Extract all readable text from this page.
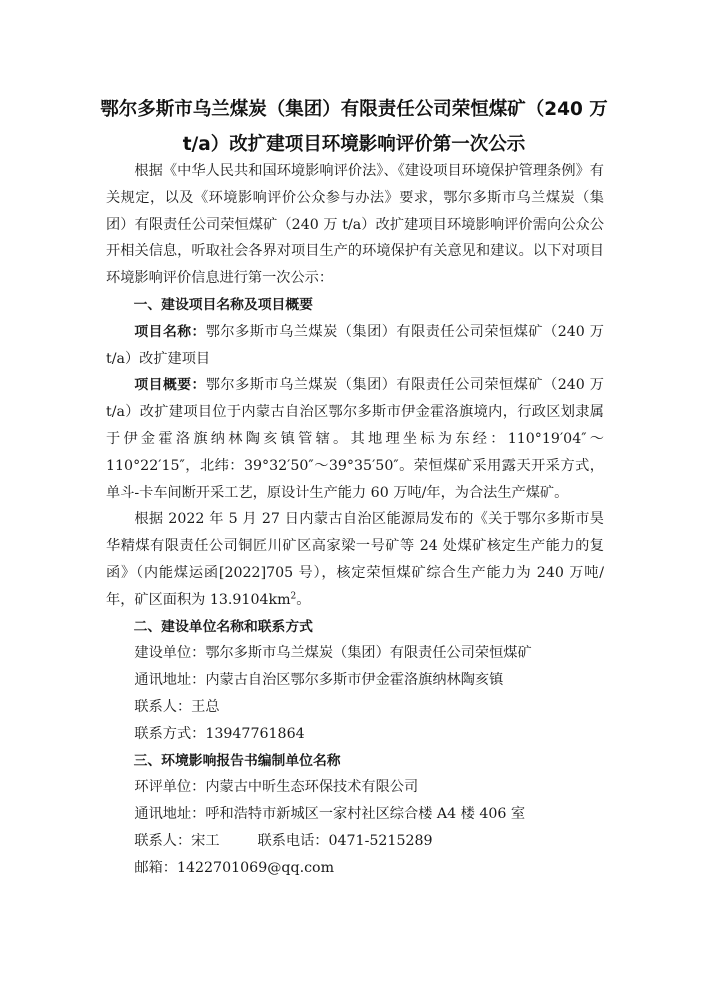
鄂尔多斯市乌兰煤炭（集团）有限责任公司荣恒煤矿（240 万
t/a）改扩建项目环境影响评价第一次公示

根据《中华人民共和国环境影响评价法》、《建设项目环境保护管理条例》有关规定，以及《环境影响评价公众参与办法》要求，鄂尔多斯市乌兰煤炭（集团）有限责任公司荣恒煤矿（240 万 t/a）改扩建项目环境影响评价需向公众公开相关信息，听取社会各界对项目生产的环境保护有关意见和建议。以下对项目环境影响评价信息进行第一次公示：

一、建设项目名称及项目概要

项目名称：鄂尔多斯市乌兰煤炭（集团）有限责任公司荣恒煤矿（240 万 t/a）改扩建项目

项目概要：鄂尔多斯市乌兰煤炭（集团）有限责任公司荣恒煤矿（240 万 t/a）改扩建项目位于内蒙古自治区鄂尔多斯市伊金霍洛旗境内，行政区划隶属于伊金霍洛旗纳林陶亥镇管辖。其地理坐标为东经：110°19′04″～110°22′15″，北纬：39°32′50″～39°35′50″。荣恒煤矿采用露天开采方式，单斗-卡车间断开采工艺，原设计生产能力 60 万吨/年，为合法生产煤矿。

根据 2022 年 5 月 27 日内蒙古自治区能源局发布的《关于鄂尔多斯市昊华精煤有限责任公司铜匠川矿区高家梁一号矿等 24 处煤矿核定生产能力的复函》（内能煤运函[2022]705 号），核定荣恒煤矿综合生产能力为 240 万吨/年，矿区面积为 $13.9104km^2$。

二、建设单位名称和联系方式

建设单位：鄂尔多斯市乌兰煤炭（集团）有限责任公司荣恒煤矿

通讯地址：内蒙古自治区鄂尔多斯市伊金霍洛旗纳林陶亥镇

联系人：王总

联系方式：13947761864

三、环境影响报告书编制单位名称

环评单位：内蒙古中昕生态环保技术有限公司

通讯地址：呼和浩特市新城区一家村社区综合楼 A4 楼 406 室

联系人：宋工	联系电话：0471-5215289

邮箱：1422701069@qq.com
